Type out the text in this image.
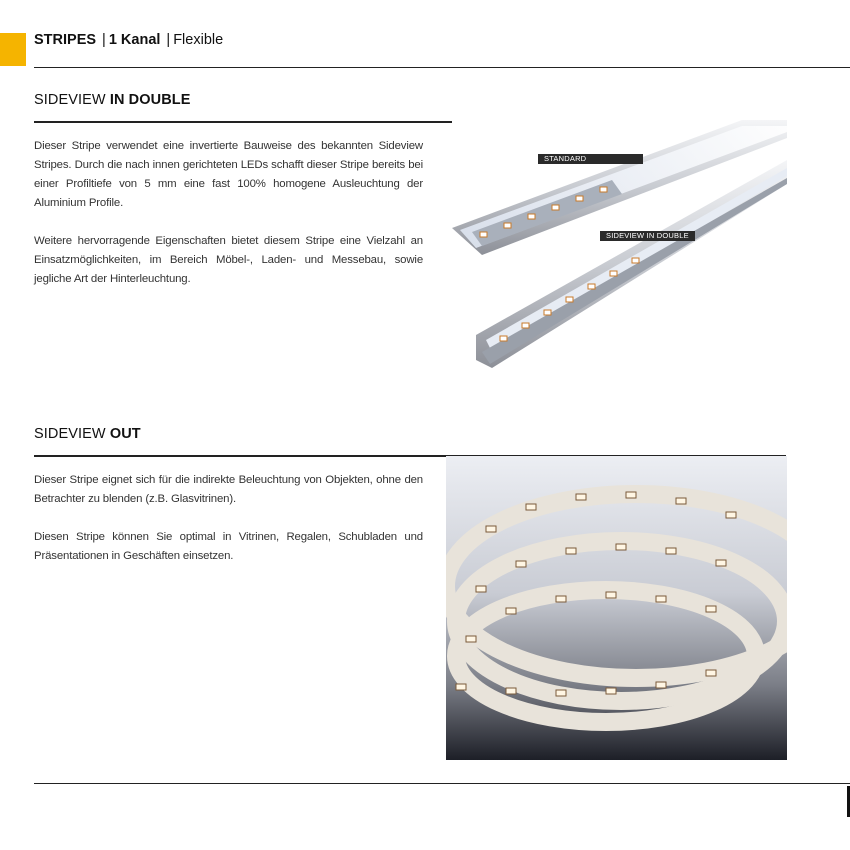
STRIPES | 1 Kanal | Flexible
SIDEVIEW IN DOUBLE

Dieser Stripe verwendet eine invertierte Bauweise des bekannten Sideview Stripes. Durch die nach innen gerichteten LEDs schafft dieser Stripe bereits bei einer Profiltiefe von 5 mm eine fast 100% homogene Ausleuchtung der Aluminium Profile.

Weitere hervorragende Eigenschaften bietet diesem Stripe eine Vielzahl an Einsatzmöglichkeiten, im Bereich Möbel-, Laden- und Messebau, sowie jegliche Art der Hinterleuchtung.

STANDARD
SIDEVIEW IN DOUBLE
SIDEVIEW OUT

Dieser Stripe eignet sich für die indirekte Beleuchtung von Objekten, ohne den Betrachter zu blenden (z.B. Glasvitrinen).

Diesen Stripe können Sie optimal in Vitrinen, Regalen, Schubladen und Präsentationen in Geschäften einsetzen.
